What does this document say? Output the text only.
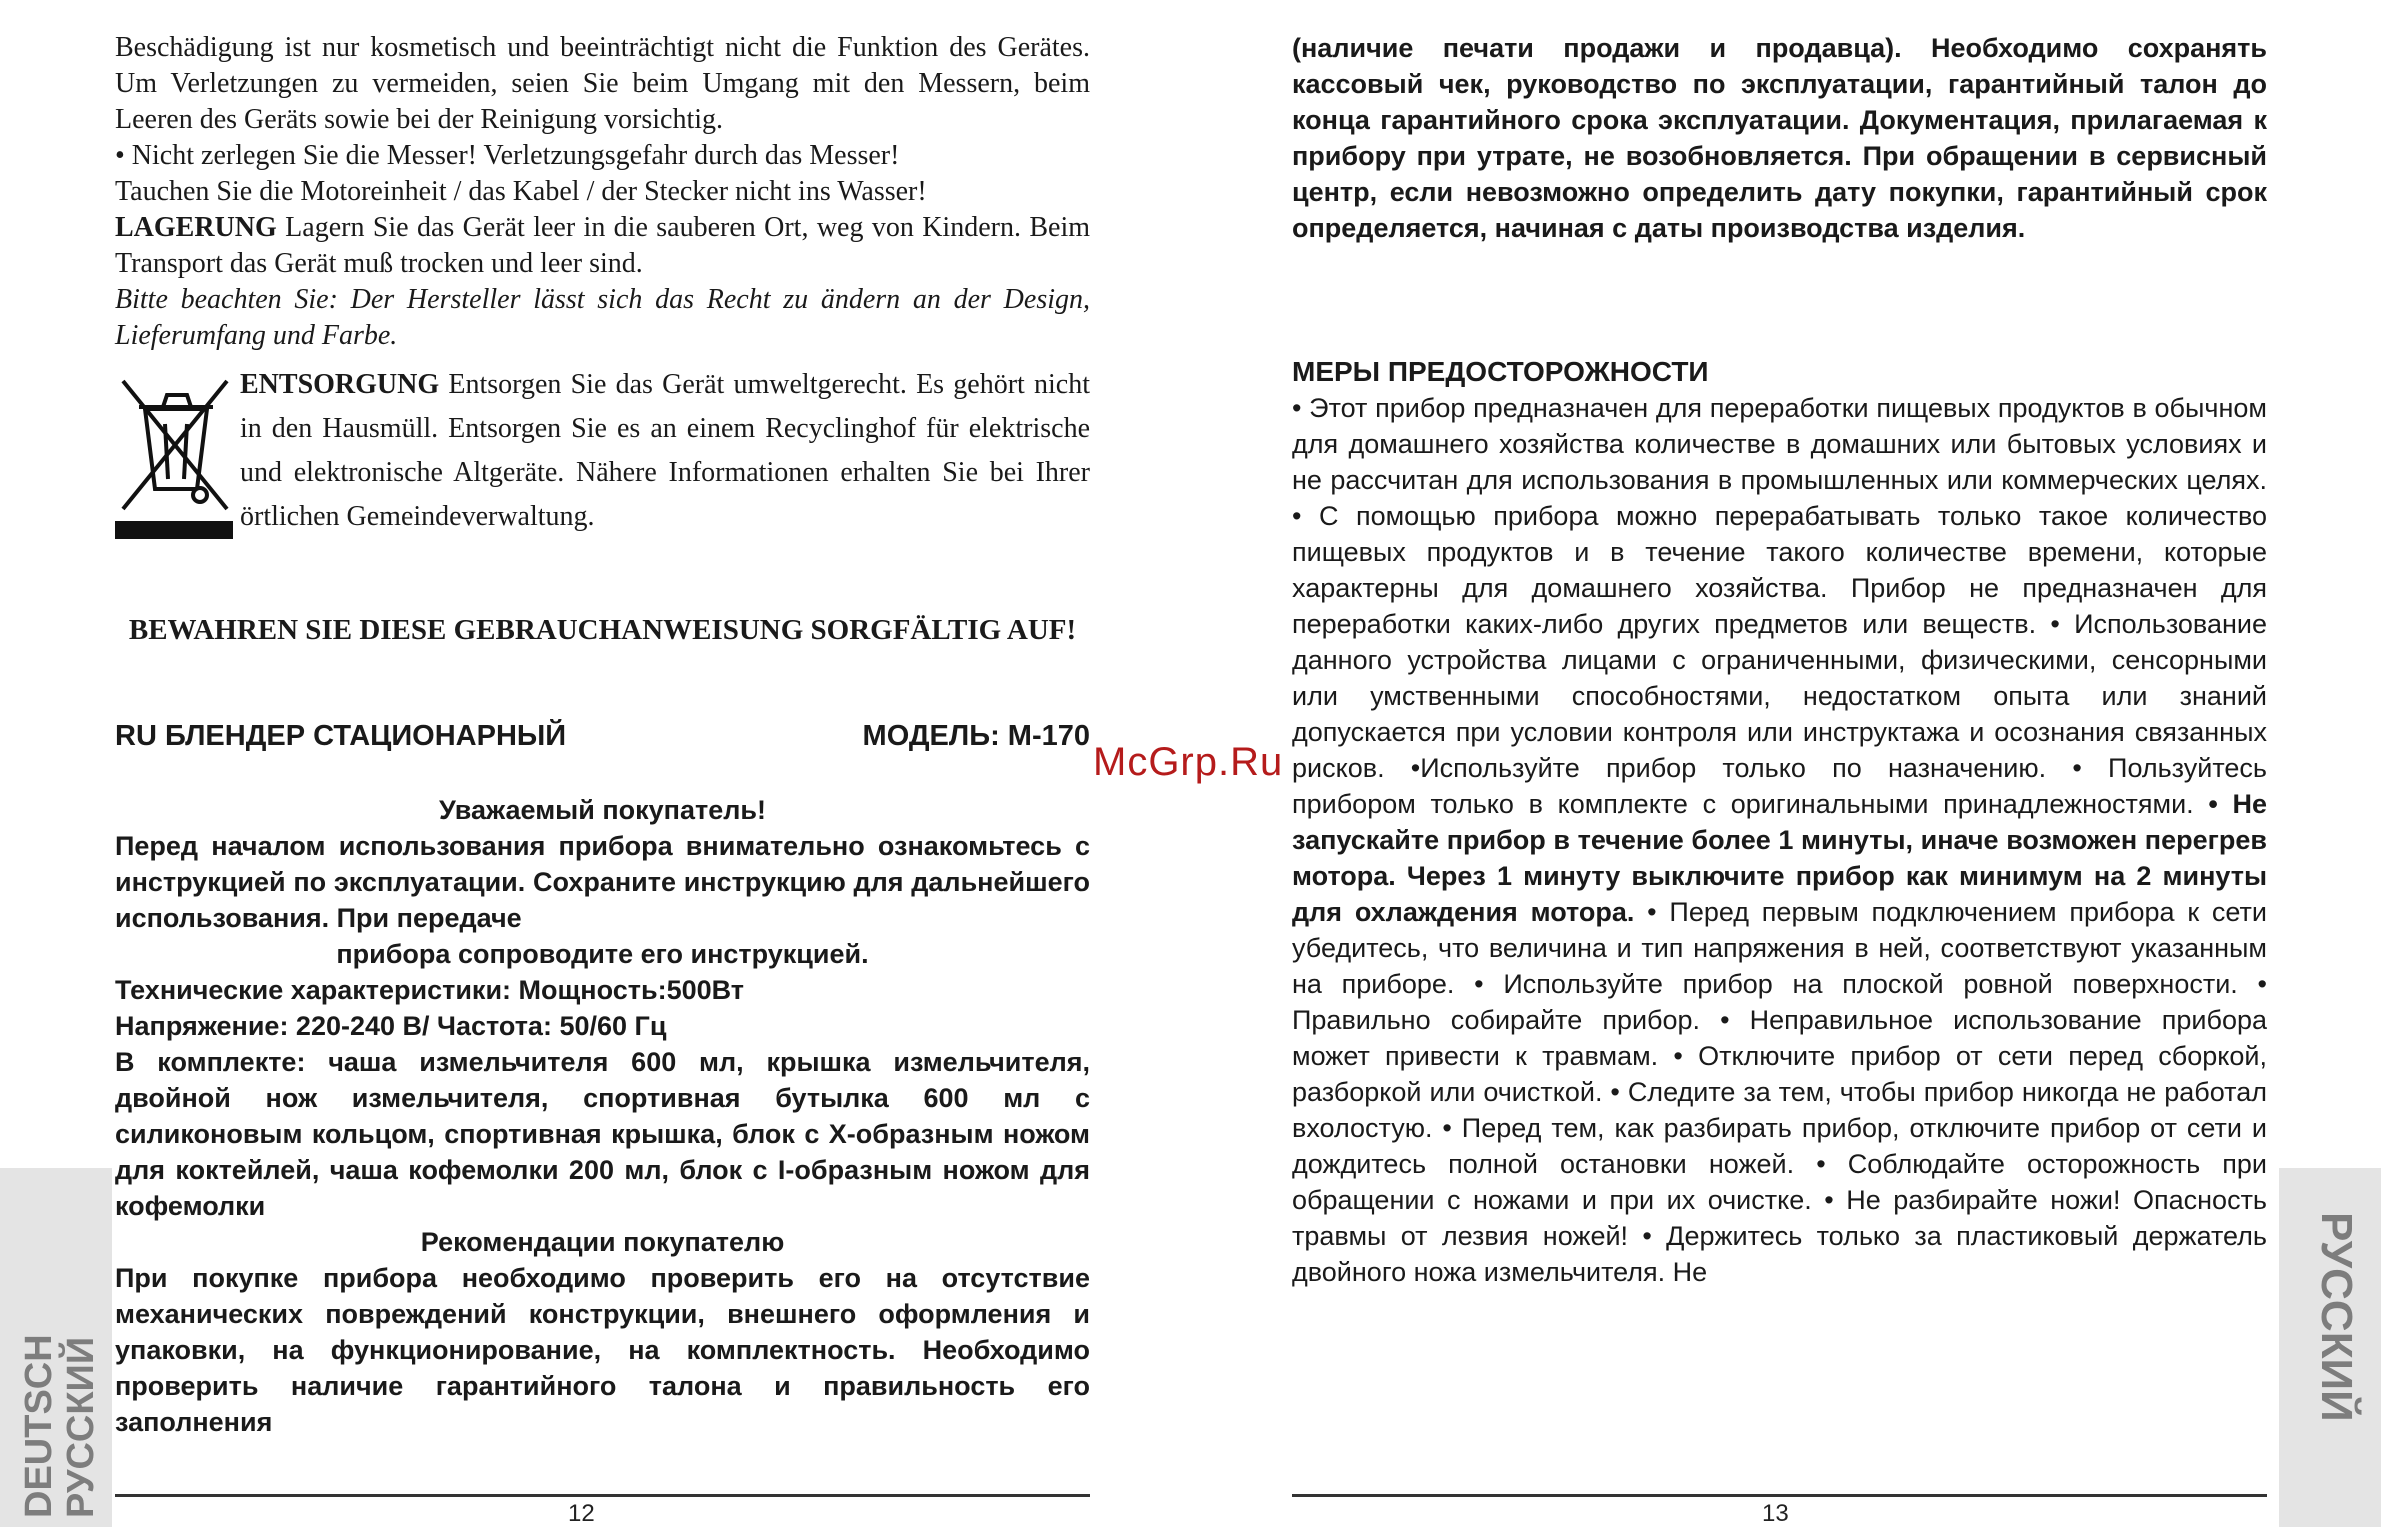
Beschädigung ist nur kosmetisch und beeinträchtigt nicht die Funktion des Gerätes. Um Verletzungen zu vermeiden, seien Sie beim Umgang mit den Messern, beim Leeren des Geräts sowie bei der Reinigung vorsichtig.

• Nicht zerlegen Sie die Messer! Verletzungsgefahr durch das Messer!

Tauchen Sie die Motoreinheit / das Kabel / der Stecker nicht ins Wasser!

LAGERUNG Lagern Sie das Gerät leer in die sauberen Ort, weg von Kindern. Beim Transport das Gerät muß trocken und leer sind.

Bitte beachten Sie: Der Hersteller lässt sich das Recht zu ändern an der Design, Lieferumfang und Farbe.

ENTSORGUNG Entsorgen Sie das Gerät umweltgerecht. Es gehört nicht in den Hausmüll. Entsorgen Sie es an einem Recyclinghof für elektrische und elektronische Altgeräte. Nähere Informationen erhalten Sie bei Ihrer örtlichen Gemeindeverwaltung.
BEWAHREN SIE DIESE GEBRAUCHANWEISUNG SORGFÄLTIG AUF!
RU БЛЕНДЕР СТАЦИОНАРНЫЙ	МОДЕЛЬ: М-170

Уважаемый покупатель!

Перед началом использования прибора внимательно ознакомьтесь с инструкцией по эксплуатации. Сохраните инструкцию для дальнейшего использования. При передаче

прибора сопроводите его инструкцией.

Технические характеристики: Мощность:500Вт

Напряжение: 220-240 В/ Частота: 50/60 Гц

В комплекте: чаша измельчителя 600 мл, крышка измельчителя, двойной нож измельчителя, спортивная бутылка 600 мл с силиконовым кольцом, спортивная крышка, блок с X-образным ножом для коктейлей, чаша кофемолки 200 мл, блок с I-образным ножом для кофемолки

Рекомендации покупателю

При покупке прибора необходимо проверить его на отсутствие механических повреждений конструкции, внешнего оформления и упаковки, на функционирование, на комплектность. Необходимо проверить наличие гарантийного талона и правильность его заполнения

12
DEUTSCH РУССКИЙ

(наличие печати продажи и продавца). Необходимо сохранять кассовый чек, руководство по эксплуатации, гарантийный талон до конца гарантийного срока эксплуатации. Документация, прилагаемая к прибору при утрате, не возобновляется. При обращении в сервисный центр, если невозможно определить дату покупки, гарантийный срок определяется, начиная с даты производства изделия.

МЕРЫ ПРЕДОСТОРОЖНОСТИ

• Этот прибор предназначен для переработки пищевых продуктов в обычном для домашнего хозяйства количестве в домашних или бытовых условиях и не рассчитан для использования в промышленных или коммерческих целях. • С помощью прибора можно перерабатывать только такое количество пищевых продуктов и в течение такого количестве времени, которые характерны для домашнего хозяйства. Прибор не предназначен для переработки каких-либо других предметов или веществ. • Использование данного устройства лицами с ограниченными, физическими, сенсорными или умственными способностями, недостатком опыта или знаний допускается при условии контроля или инструктажа и осознания связанных рисков. •Используйте прибор только по назначению. • Пользуйтесь прибором только в комплекте с оригинальными принадлежностями. • Не запускайте прибор в течение более 1 минуты, иначе возможен перегрев мотора. Через 1 минуту выключите прибор как минимум на 2 минуты для охлаждения мотора. • Перед первым подключением прибора к сети убедитесь, что величина и тип напряжения в ней, соответствуют указанным на приборе. • Используйте прибор на плоской ровной поверхности. • Правильно собирайте прибор. • Неправильное использование прибора может привести к травмам. • Отключите прибор от сети перед сборкой, разборкой или очисткой. • Следите за тем, чтобы прибор никогда не работал вхолостую. • Перед тем, как разбирать прибор, отключите прибор от сети и дождитесь полной остановки ножей. • Соблюдайте осторожность при обращении с ножами и при их очистке. • Не разбирайте ножи! Опасность травмы от лезвия ножей! • Держитесь только за пластиковый держатель двойного ножа измельчителя. Не

13
РУССКИЙ
McGrp.Ru
